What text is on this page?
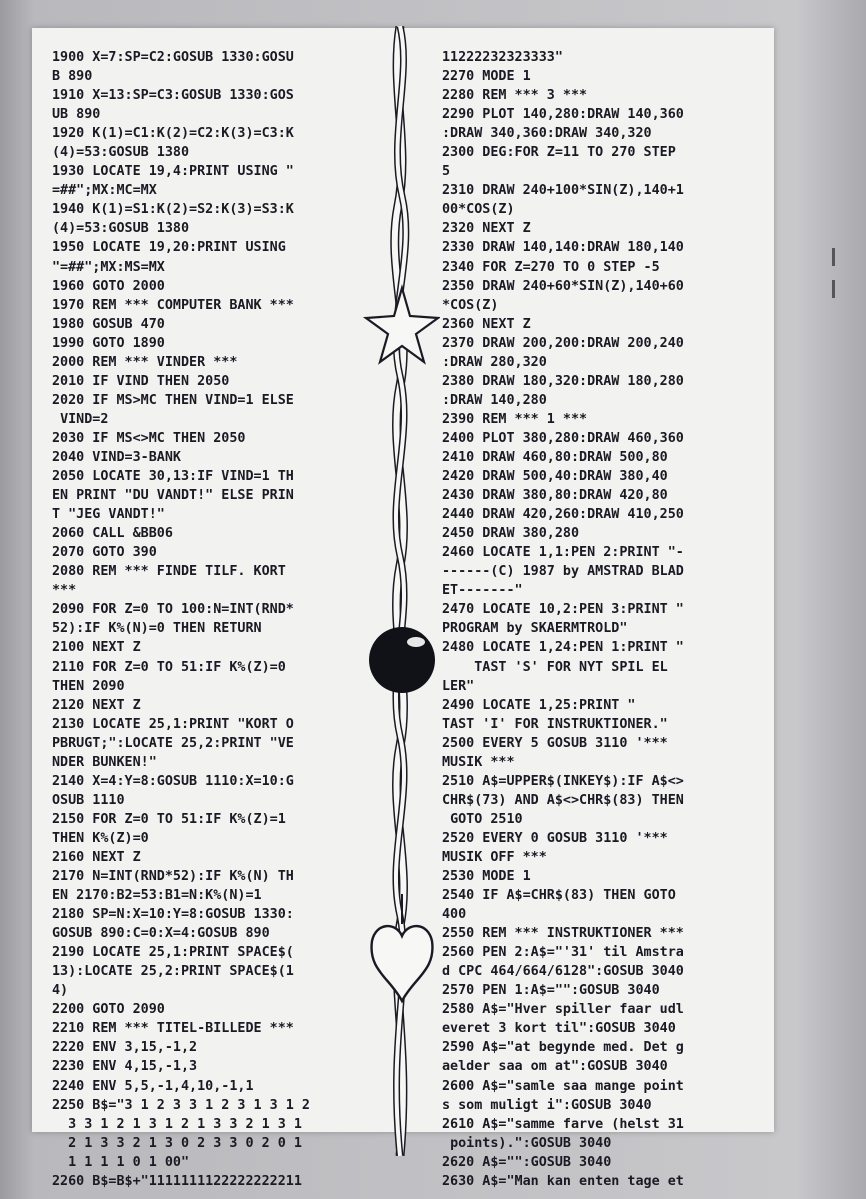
1900 X=7:SP=C2:GOSUB 1330:GOSU
B 890
1910 X=13:SP=C3:GOSUB 1330:GOS
UB 890
1920 K(1)=C1:K(2)=C2:K(3)=C3:K
(4)=53:GOSUB 1380
1930 LOCATE 19,4:PRINT USING "
=##";MX:MC=MX
1940 K(1)=S1:K(2)=S2:K(3)=S3:K
(4)=53:GOSUB 1380
1950 LOCATE 19,20:PRINT USING
"=##";MX:MS=MX
1960 GOTO 2000
1970 REM *** COMPUTER BANK ***
1980 GOSUB 470
1990 GOTO 1890
2000 REM *** VINDER ***
2010 IF VIND THEN 2050
2020 IF MS>MC THEN VIND=1 ELSE
VIND=2
2030 IF MS<>MC THEN 2050
2040 VIND=3-BANK
2050 LOCATE 30,13:IF VIND=1 TH
EN PRINT "DU VANDT!" ELSE PRIN
T "JEG VANDT!"
2060 CALL &BB06
2070 GOTO 390
2080 REM *** FINDE TILF. KORT
***
2090 FOR Z=0 TO 100:N=INT(RND*
52):IF K%(N)=0 THEN RETURN
2100 NEXT Z
2110 FOR Z=0 TO 51:IF K%(Z)=0
THEN 2090
2120 NEXT Z
2130 LOCATE 25,1:PRINT "KORT O
PBRUGT;":LOCATE 25,2:PRINT "VE
NDER BUNKEN!"
2140 X=4:Y=8:GOSUB 1110:X=10:G
OSUB 1110
2150 FOR Z=0 TO 51:IF K%(Z)=1
THEN K%(Z)=0
2160 NEXT Z
2170 N=INT(RND*52):IF K%(N) TH
EN 2170:B2=53:B1=N:K%(N)=1
2180 SP=N:X=10:Y=8:GOSUB 1330:
GOSUB 890:C=0:X=4:GOSUB 890
2190 LOCATE 25,1:PRINT SPACE$(
13):LOCATE 25,2:PRINT SPACE$(1
4)
2200 GOTO 2090
2210 REM *** TITEL-BILLEDE ***
2220 ENV 3,15,-1,2
2230 ENV 4,15,-1,3
2240 ENV 5,5,-1,4,10,-1,1
2250 B$="3 1 2 3 3 1 2 3 1 3 1 2
3 3 1 2 1 3 1 2 1 3 3 2 1 3 1
2 1 3 3 2 1 3 0 2 3 3 0 2 0 1
1 1 1 1 0 1 00"
2260 B$=B$+"1111111122222222211
11222232323333"
2270 MODE 1
2280 REM *** 3 ***
2290 PLOT 140,280:DRAW 140,360
:DRAW 340,360:DRAW 340,320
2300 DEG:FOR Z=11 TO 270 STEP
5
2310 DRAW 240+100*SIN(Z),140+1
00*COS(Z)
2320 NEXT Z
2330 DRAW 140,140:DRAW 180,140
2340 FOR Z=270 TO 0 STEP -5
2350 DRAW 240+60*SIN(Z),140+60
*COS(Z)
2360 NEXT Z
2370 DRAW 200,200:DRAW 200,240
:DRAW 280,320
2380 DRAW 180,320:DRAW 180,280
:DRAW 140,280
2390 REM *** 1 ***
2400 PLOT 380,280:DRAW 460,360
2410 DRAW 460,80:DRAW 500,80
2420 DRAW 500,40:DRAW 380,40
2430 DRAW 380,80:DRAW 420,80
2440 DRAW 420,260:DRAW 410,250
2450 DRAW 380,280
2460 LOCATE 1,1:PEN 2:PRINT "-
------(C) 1987 by AMSTRAD BLAD
ET-------"
2470 LOCATE 10,2:PEN 3:PRINT "
PROGRAM by SKAERMTROLD"
2480 LOCATE 1,24:PEN 1:PRINT "
TAST 'S' FOR NYT SPIL EL
LER"
2490 LOCATE 1,25:PRINT "
TAST 'I' FOR INSTRUKTIONER."
2500 EVERY 5 GOSUB 3110 '***
MUSIK ***
2510 A$=UPPER$(INKEY$):IF A$<>
CHR$(73) AND A$<>CHR$(83) THEN
GOTO 2510
2520 EVERY 0 GOSUB 3110 '***
MUSIK OFF ***
2530 MODE 1
2540 IF A$=CHR$(83) THEN GOTO
400
2550 REM *** INSTRUKTIONER ***
2560 PEN 2:A$="'31' til Amstra
d CPC 464/664/6128":GOSUB 3040
2570 PEN 1:A$="":GOSUB 3040
2580 A$="Hver spiller faar udl
everet 3 kort til":GOSUB 3040
2590 A$="at begynde med. Det g
aelder saa om at":GOSUB 3040
2600 A$="samle saa mange point
s som muligt i":GOSUB 3040
2610 A$="samme farve (helst 31
points).":GOSUB 3040
2620 A$="":GOSUB 3040
2630 A$="Man kan enten tage et
